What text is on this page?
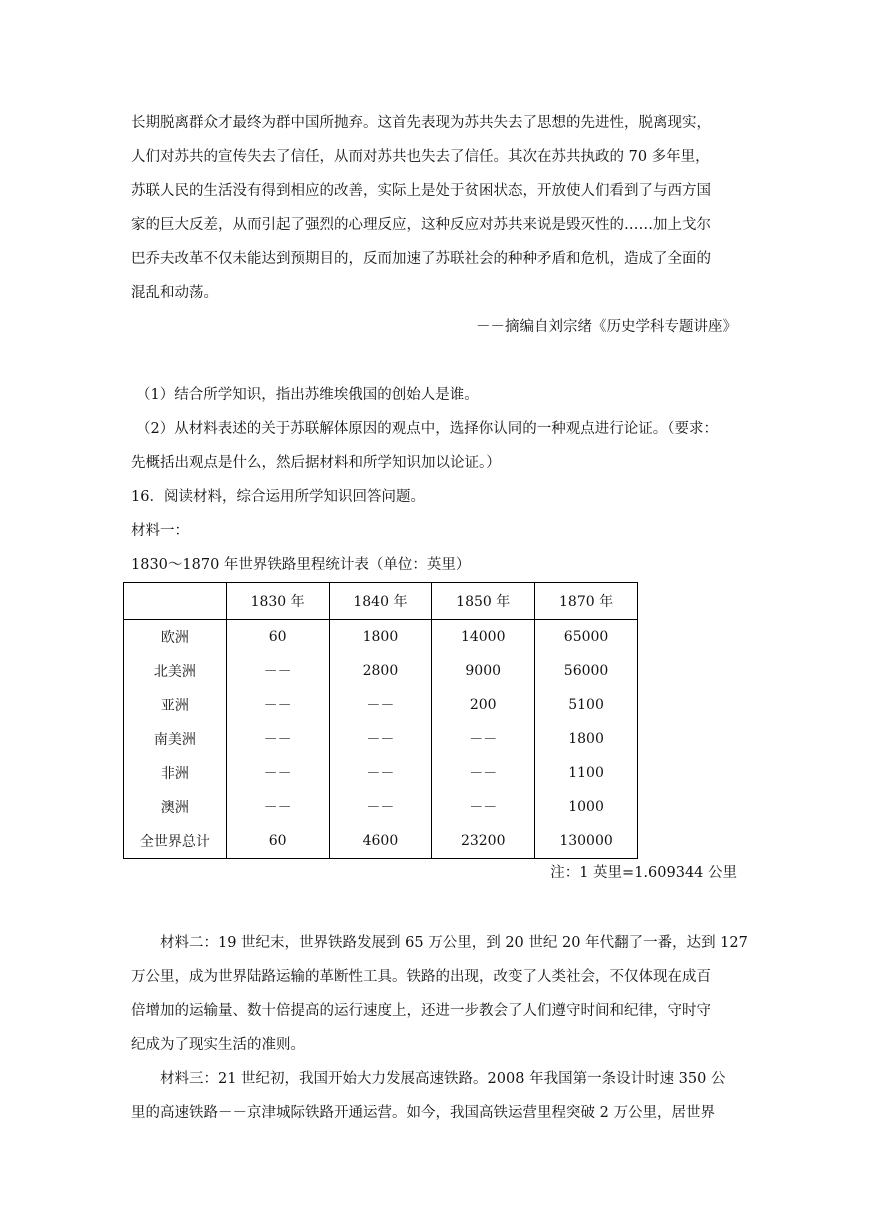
长期脱离群众才最终为群中国所抛弃。这首先表现为苏共失去了思想的先进性，脱离现实，

人们对苏共的宣传失去了信任，从而对苏共也失去了信任。其次在苏共执政的 70 多年里，

苏联人民的生活没有得到相应的改善，实际上是处于贫困状态，开放使人们看到了与西方国

家的巨大反差，从而引起了强烈的心理反应，这种反应对苏共来说是毁灭性的……加上戈尔

巴乔夫改革不仅未能达到预期目的，反而加速了苏联社会的种种矛盾和危机，造成了全面的

混乱和动荡。

－－摘编自刘宗绪《历史学科专题讲座》

（1）结合所学知识，指出苏维埃俄国的创始人是谁。

（2）从材料表述的关于苏联解体原因的观点中，选择你认同的一种观点进行论证。（要求：

先概括出观点是什么，然后据材料和所学知识加以论证。）

16．阅读材料，综合运用所学知识回答问题。

材料一：

1830～1870 年世界铁路里程统计表（单位：英里）

	1830 年	1840 年	1850 年	1870 年
欧洲	60	1800	14000	65000
北美洲	－－	2800	9000	56000
亚洲	－－	－－	200	5100
南美洲	－－	－－	－－	1800
非洲	－－	－－	－－	1100
澳洲	－－	－－	－－	1000
全世界总计	60	4600	23200	130000

注：1 英里=1.609344 公里

材料二：19 世纪末，世界铁路发展到 65 万公里，到 20 世纪 20 年代翻了一番，达到 127

万公里，成为世界陆路运输的革断性工具。铁路的出现，改变了人类社会，不仅体现在成百

倍增加的运输量、数十倍提高的运行速度上，还进一步教会了人们遵守时间和纪律，守时守

纪成为了现实生活的准则。

材料三：21 世纪初，我国开始大力发展高速铁路。2008 年我国第一条设计时速 350 公

里的高速铁路－－京津城际铁路开通运营。如今，我国高铁运营里程突破 2 万公里，居世界
